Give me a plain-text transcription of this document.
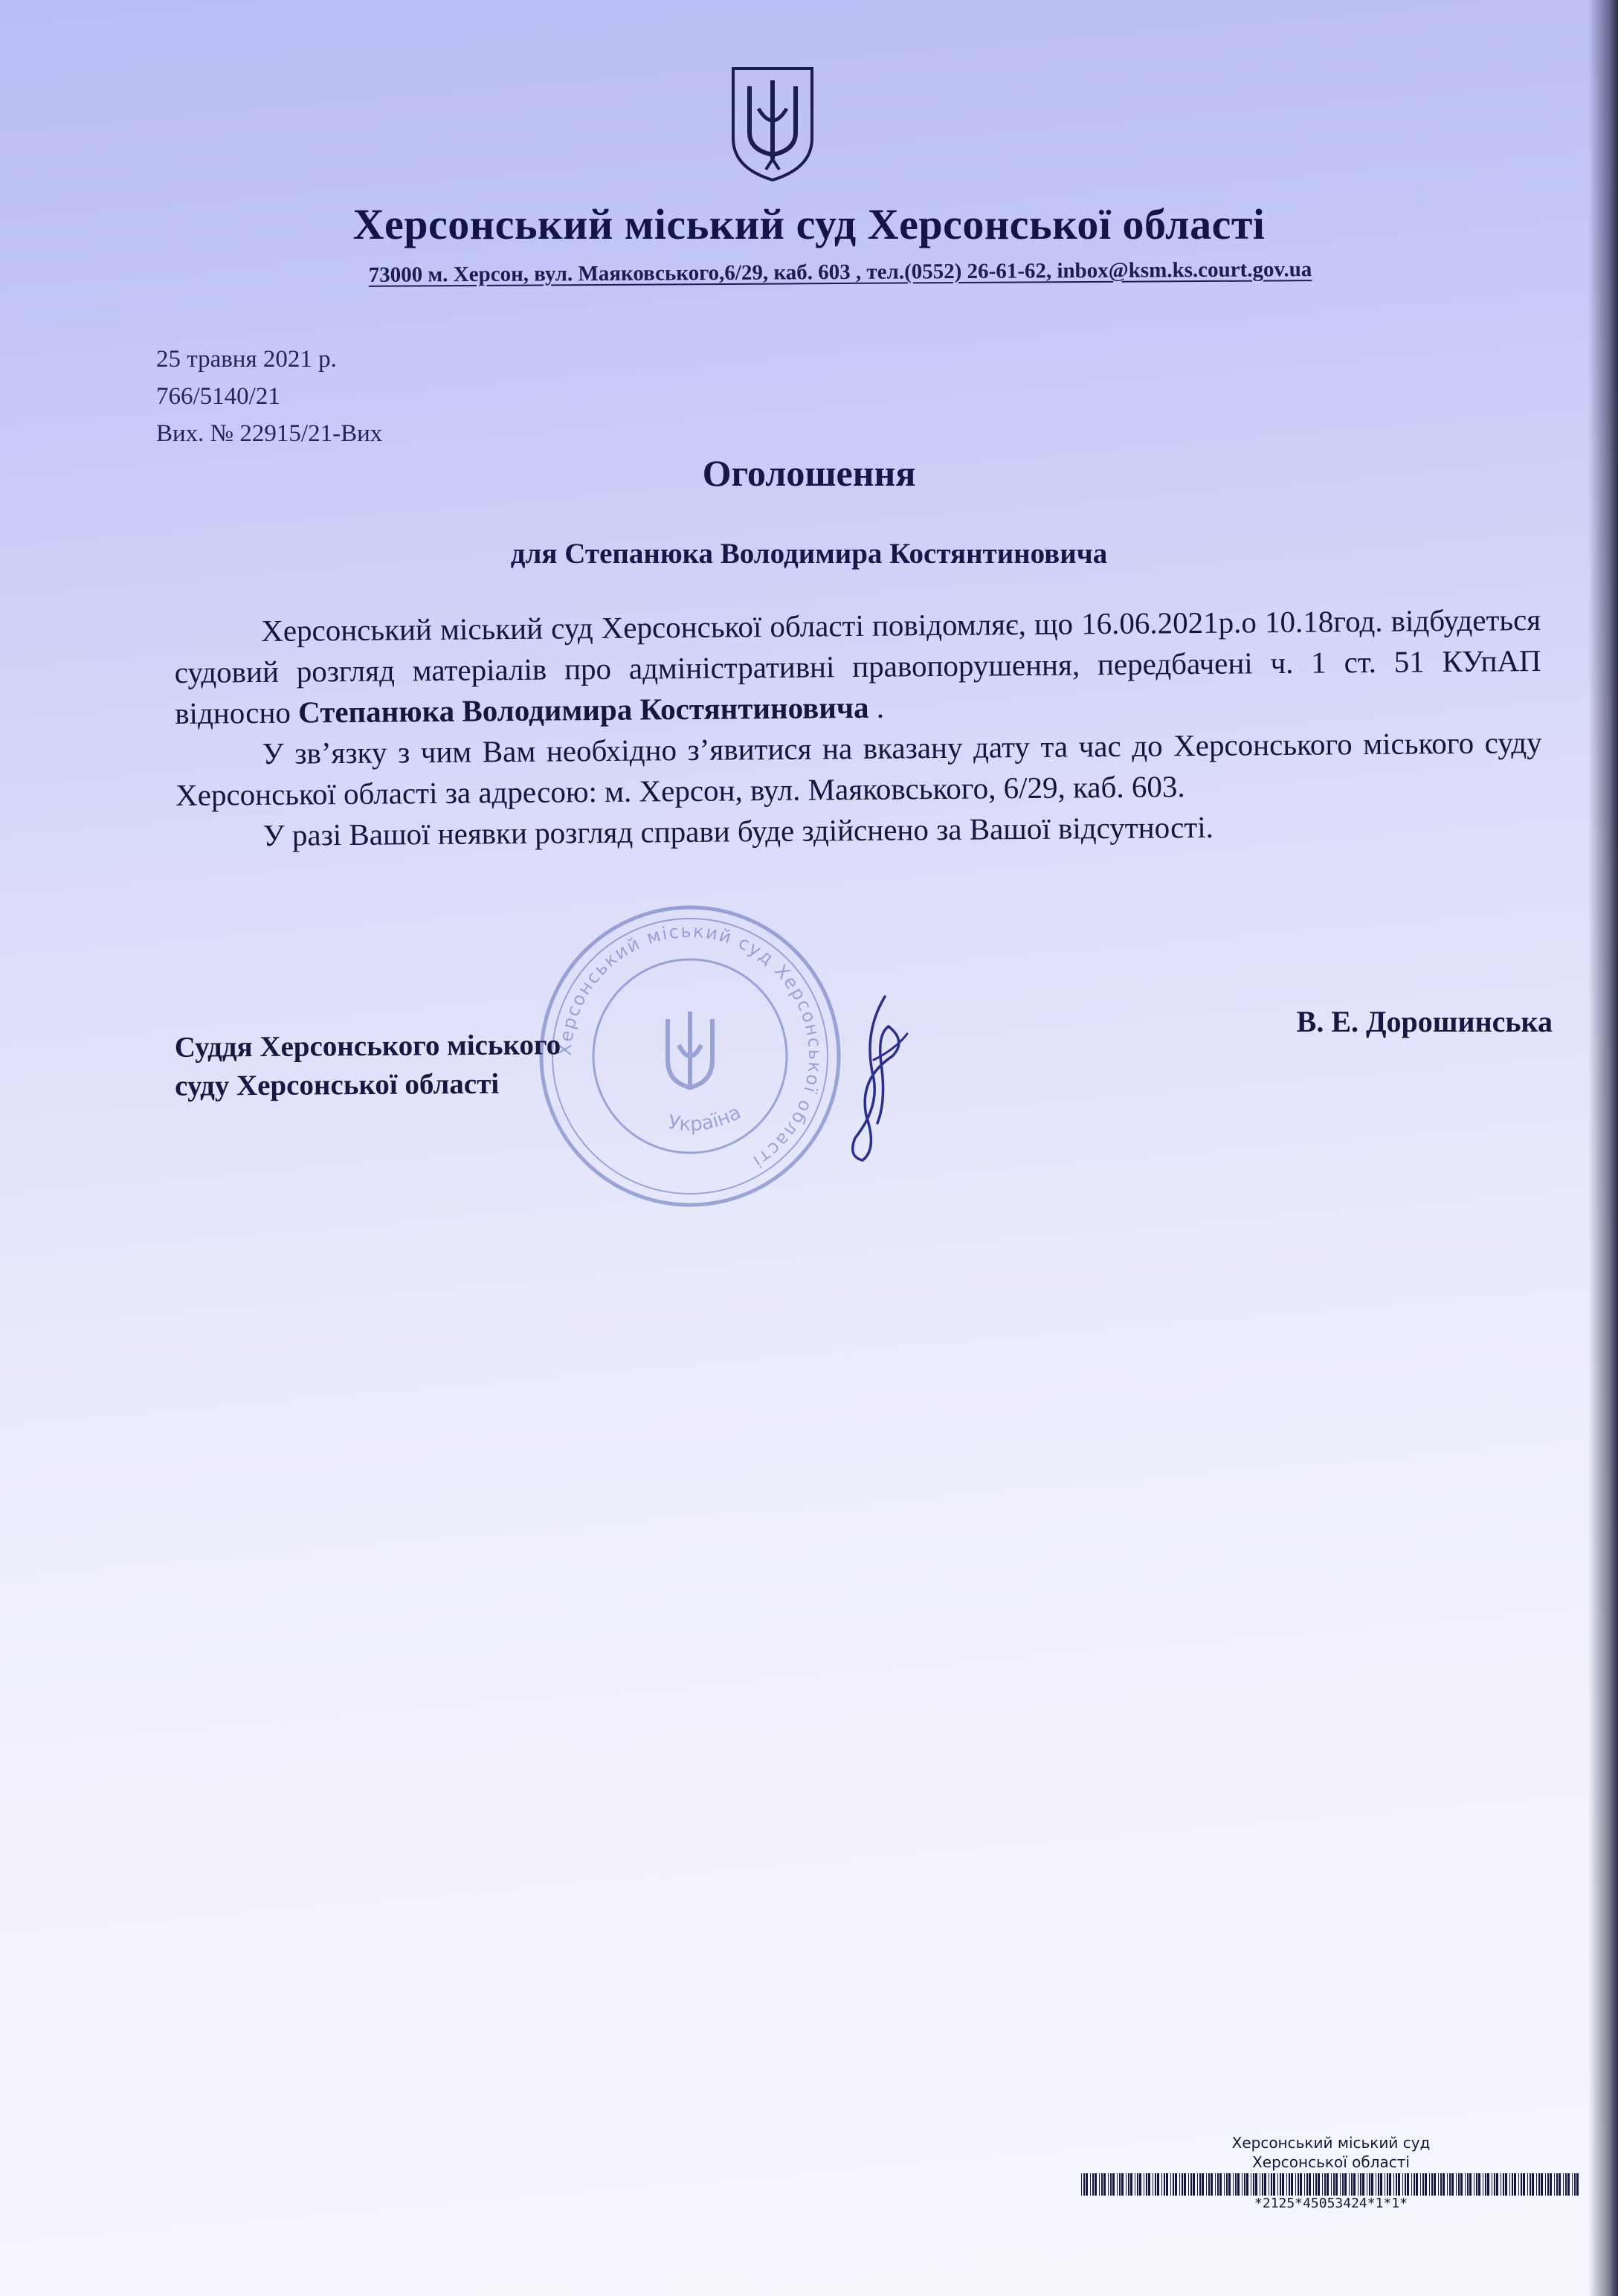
Херсонський міський суд Херсонської області
73000 м. Херсон, вул. Маяковського,6/29, каб. 603 , тел.(0552) 26-61-62, inbox@ksm.ks.court.gov.ua
25 травня 2021 р.
766/5140/21
Вих. № 22915/21-Вих
Оголошення
для Степанюка Володимира Костянтиновича

Херсонський міський суд Херсонської області повідомляє, що 16.06.2021р.о 10.18год. відбудеться судовий розгляд матеріалів про адміністративні правопорушення, передбачені ч. 1 ст. 51 КУпАП відносно Степанюка Володимира Костянтиновича .

У зв’язку з чим Вам необхідно з’явитися на вказану дату та час до Херсонського міського суду Херсонської області за адресою: м. Херсон, вул. Маяковського, 6/29, каб. 603.

У разі Вашої неявки розгляд справи буде здійснено за Вашої відсутності.

Херсонський міський суд Херсонської області
Україна
Суддя Херсонського міського
суду Херсонської області
В. Е. Дорошинська
Херсонський міський суд
Херсонської області
*2125*45053424*1*1*
